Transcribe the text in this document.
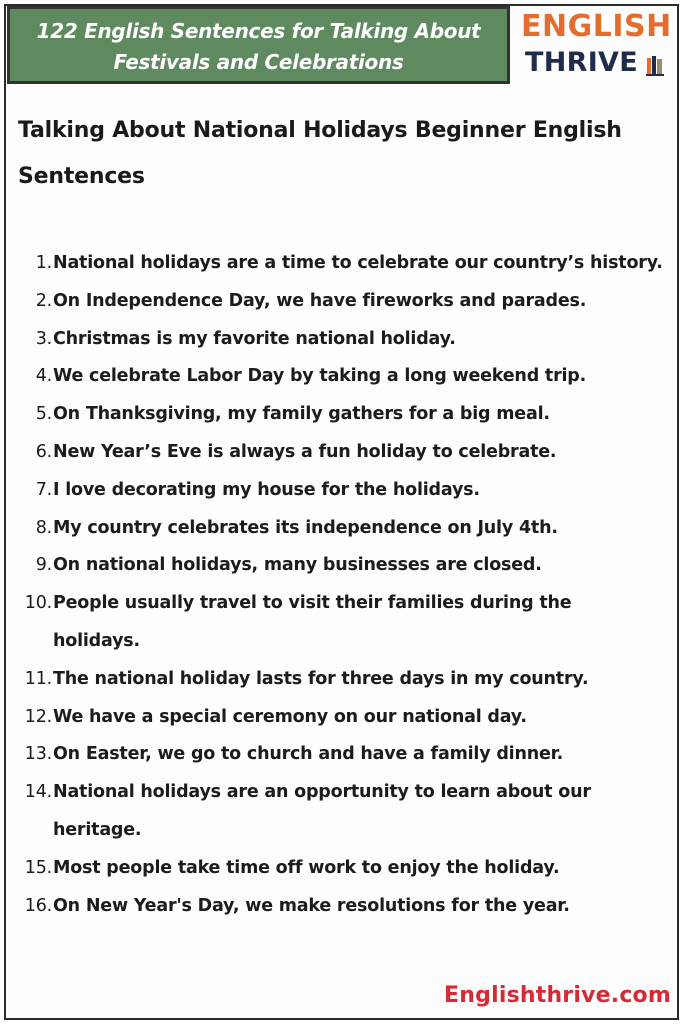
122 English Sentences for Talking About
Festivals and Celebrations
ENGLISH
THRIVE
Talking About National Holidays Beginner English
Sentences
1. National holidays are a time to celebrate our country’s history.
2. On Independence Day, we have fireworks and parades.
3. Christmas is my favorite national holiday.
4. We celebrate Labor Day by taking a long weekend trip.
5. On Thanksgiving, my family gathers for a big meal.
6. New Year’s Eve is always a fun holiday to celebrate.
7. I love decorating my house for the holidays.
8. My country celebrates its independence on July 4th.
9. On national holidays, many businesses are closed.
10. People usually travel to visit their families during the holidays.
11. The national holiday lasts for three days in my country.
12. We have a special ceremony on our national day.
13. On Easter, we go to church and have a family dinner.
14. National holidays are an opportunity to learn about our heritage.
15. Most people take time off work to enjoy the holiday.
16. On New Year's Day, we make resolutions for the year.
Englishthrive.com
